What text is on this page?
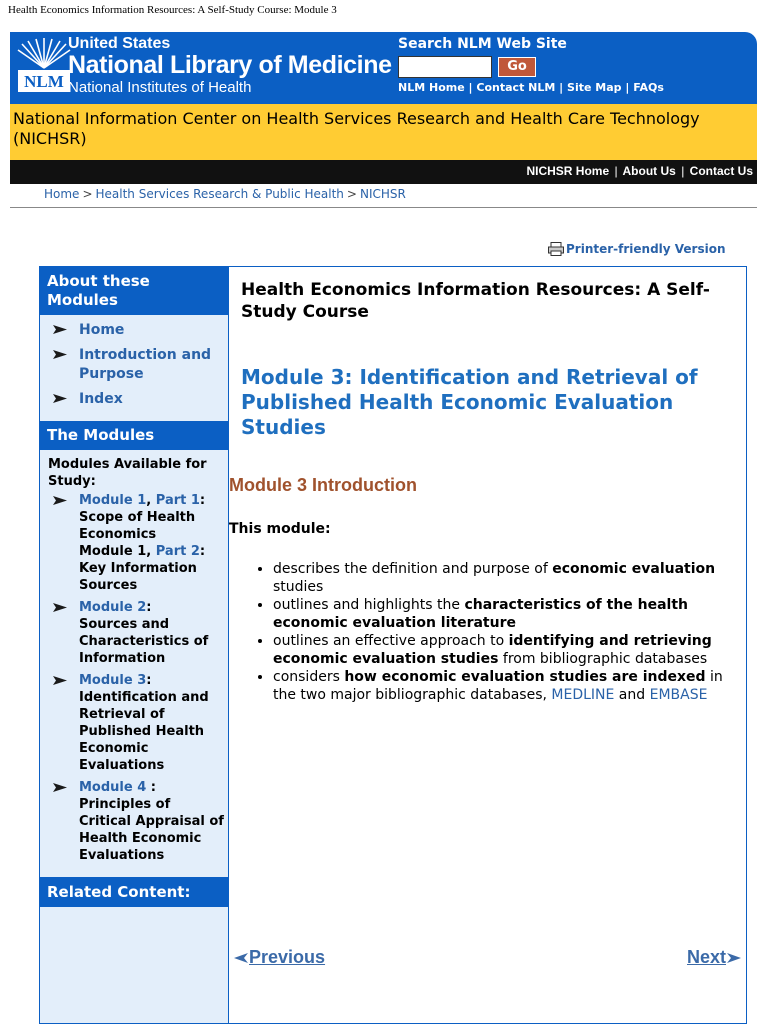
Health Economics Information Resources: A Self-Study Course: Module 3
NLM
United States
National Library of Medicine
National Institutes of Health
Search NLM Web Site
Go
NLM Home | Contact NLM | Site Map | FAQs
National Information Center on Health Services Research and Health Care Technology (NICHSR)
NICHSR Home | About Us | Contact Us
Home > Health Services Research & Public Health > NICHSR
Printer-friendly Version
About these Modules
Home
Introduction and Purpose
Index
The Modules
Modules Available for Study:
Module 1, Part 1:
Scope of Health Economics
Module 1, Part 2:
Key Information Sources
Module 2:
Sources and Characteristics of Information
Module 3:
Identification and Retrieval of Published Health Economic Evaluations
Module 4 :
Principles of Critical Appraisal of Health Economic Evaluations
Related Content:
Health Economics Information Resources: A Self-Study Course
Module 3: Identification and Retrieval of Published Health Economic Evaluation Studies
Module 3 Introduction
This module:
• describes the definition and purpose of economic evaluation studies
• outlines and highlights the characteristics of the health economic evaluation literature
• outlines an effective approach to identifying and retrieving economic evaluation studies from bibliographic databases
• considers how economic evaluation studies are indexed in the two major bibliographic databases, MEDLINE and EMBASE
Previous	Next
